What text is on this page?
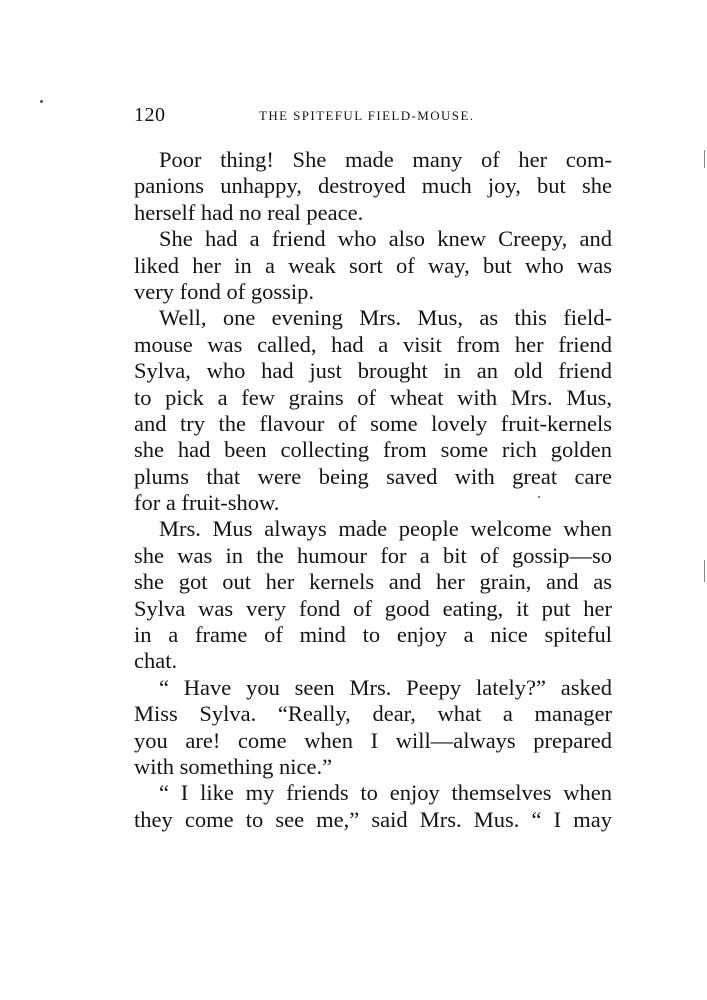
120	THE SPITEFUL FIELD-MOUSE.
Poor thing! She made many of her com-
panions unhappy, destroyed much joy, but she
herself had no real peace.
She had a friend who also knew Creepy, and
liked her in a weak sort of way, but who was
very fond of gossip.
Well, one evening Mrs. Mus, as this field-
mouse was called, had a visit from her friend
Sylva, who had just brought in an old friend
to pick a few grains of wheat with Mrs. Mus,
and try the flavour of some lovely fruit-kernels
she had been collecting from some rich golden
plums that were being saved with great care
for a fruit-show.
Mrs. Mus always made people welcome when
she was in the humour for a bit of gossip—so
she got out her kernels and her grain, and as
Sylva was very fond of good eating, it put her
in a frame of mind to enjoy a nice spiteful
chat.
“ Have you seen Mrs. Peepy lately?” asked
Miss Sylva. “Really, dear, what a manager
you are! come when I will—always prepared
with something nice.”
“ I like my friends to enjoy themselves when
they come to see me,” said Mrs. Mus. “ I may
